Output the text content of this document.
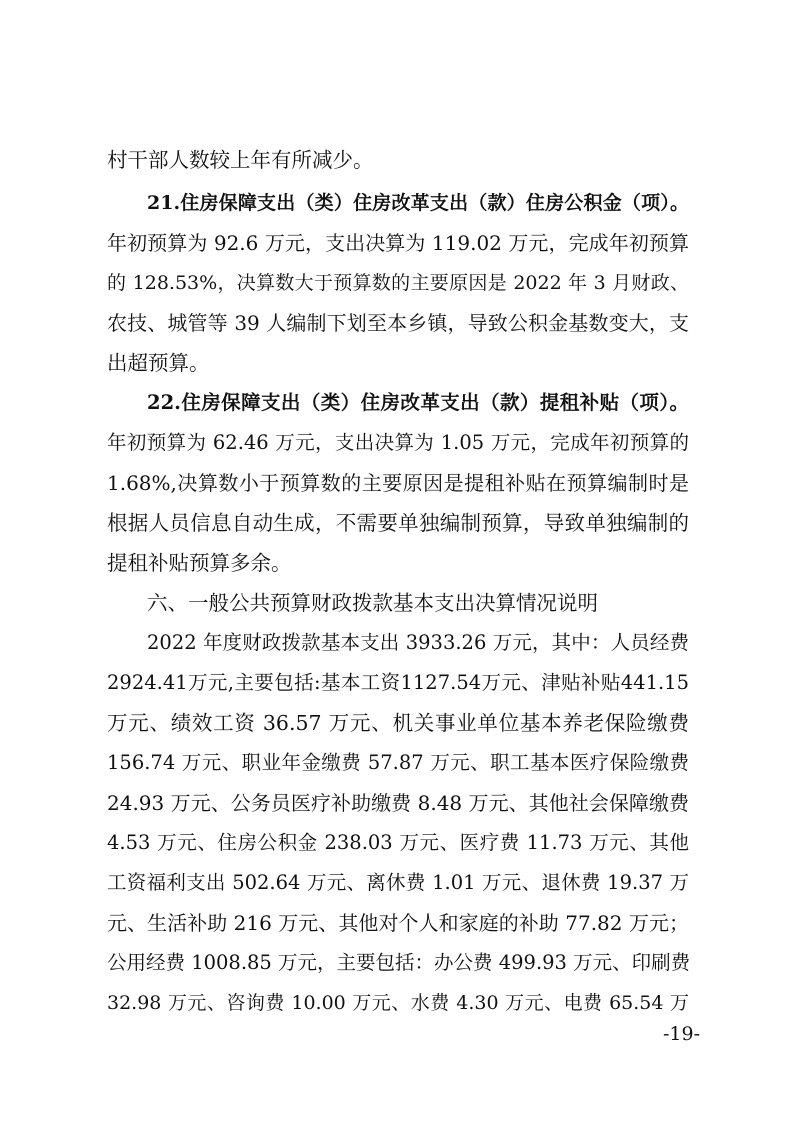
村干部人数较上年有所减少。
21.住房保障支出（类）住房改革支出（款）住房公积金（项）。
年初预算为 92.6 万元，支出决算为 119.02 万元，完成年初预算
的 128.53%，决算数大于预算数的主要原因是 2022 年 3 月财政、
农技、城管等 39 人编制下划至本乡镇，导致公积金基数变大，支
出超预算。
22.住房保障支出（类）住房改革支出（款）提租补贴（项）。
年初预算为 62.46 万元，支出决算为 1.05 万元，完成年初预算的
1.68%,决算数小于预算数的主要原因是提租补贴在预算编制时是
根据人员信息自动生成，不需要单独编制预算，导致单独编制的
提租补贴预算多余。
六、一般公共预算财政拨款基本支出决算情况说明
2022 年度财政拨款基本支出 3933.26 万元，其中：人员经费
2924.41万元,主要包括:基本工资1127.54万元、津贴补贴441.15
万元、绩效工资 36.57 万元、机关事业单位基本养老保险缴费
156.74 万元、职业年金缴费 57.87 万元、职工基本医疗保险缴费
24.93 万元、公务员医疗补助缴费 8.48 万元、其他社会保障缴费
4.53 万元、住房公积金 238.03 万元、医疗费 11.73 万元、其他
工资福利支出 502.64 万元、离休费 1.01 万元、退休费 19.37 万
元、生活补助 216 万元、其他对个人和家庭的补助 77.82 万元；
公用经费 1008.85 万元，主要包括：办公费 499.93 万元、印刷费
32.98 万元、咨询费 10.00 万元、水费 4.30 万元、电费 65.54 万
-19-
